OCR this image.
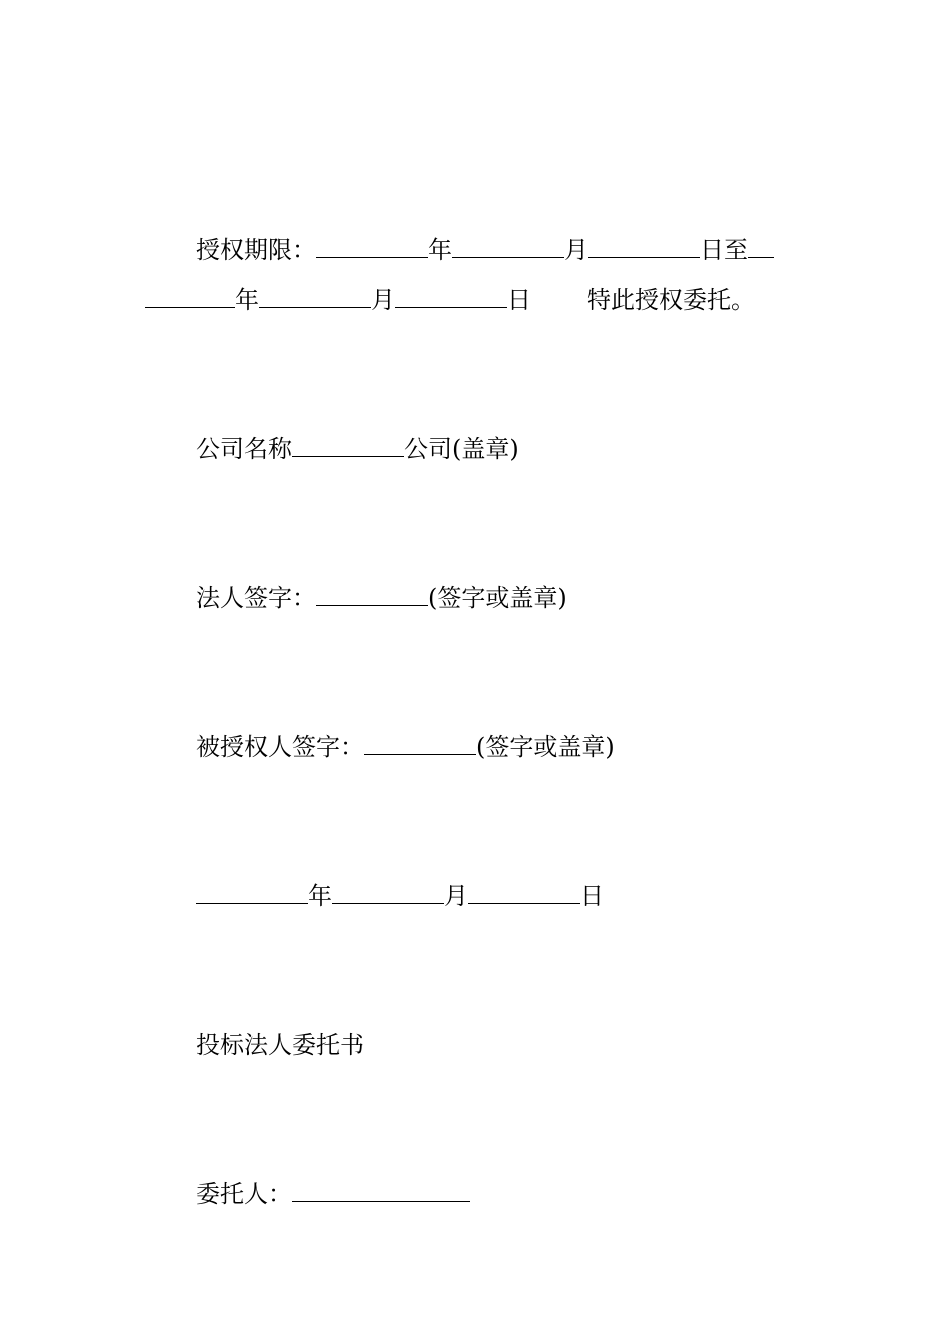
授权期限：	年	月	日至
年	月	日 特此授权委托。
公司名称	公司(盖章)
法人签字：	(签字或盖章)
被授权人签字：	(签字或盖章)
年	月	日
投标法人委托书
委托人：
